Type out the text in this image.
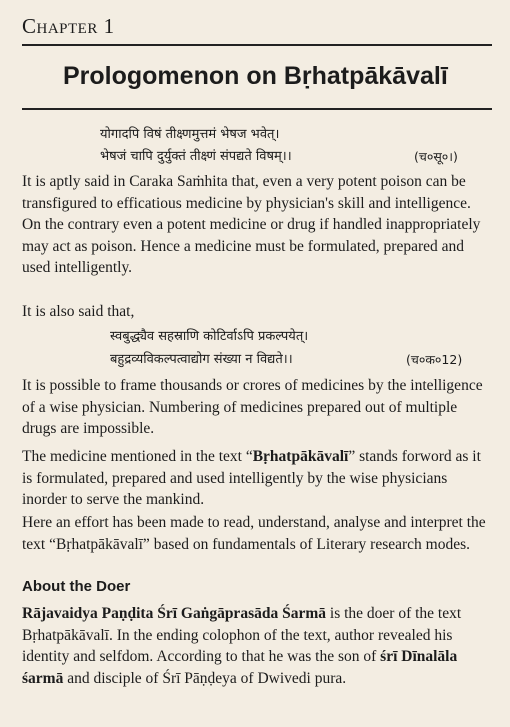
Chapter 1
Prologomenon on Bṛhatpākāvalī
योगादपि विषं तीक्ष्णमुत्तमं भेषज भवेत्।
भेषजं चापि दुर्युक्तं तीक्ष्णं संपद्यते विषम्।।	(च०सू०।)
It is aptly said in Caraka Saṁhita that, even a very potent poison can be transfigured to efficatious medicine by physician's skill and intelligence. On the contrary even a potent medicine or drug if handled inappropriately may act as poison. Hence a medicine must be formulated, prepared and used intelligently.
It is also said that,
स्वबुद्ध्यैव सहस्राणि कोटिर्वाऽपि प्रकल्पयेत्।
बहुद्रव्यविकल्पत्वाद्योग संख्या न विद्यते।।	(च०क०12)
It is possible to frame thousands or crores of medicines by the intelligence of a wise physician. Numbering of medicines prepared out of multiple drugs are impossible.
The medicine mentioned in the text “Bṛhatpākāvalī” stands forword as it is formulated, prepared and used intelligently by the wise physicians inorder to serve the mankind.
Here an effort has been made to read, understand, analyse and interpret the text “Bṛhatpākāvalī” based on fundamentals of Literary research modes.
About the Doer
Rājavaidya Paṇḍita Śrī Gaṅgāprasāda Śarmā is the doer of the text Bṛhatpākāvalī. In the ending colophon of the text, author revealed his identity and selfdom. According to that he was the son of śrī Dīnalāla śarmā and disciple of Śrī Pāṇḍeya of Dwivedi pura.
